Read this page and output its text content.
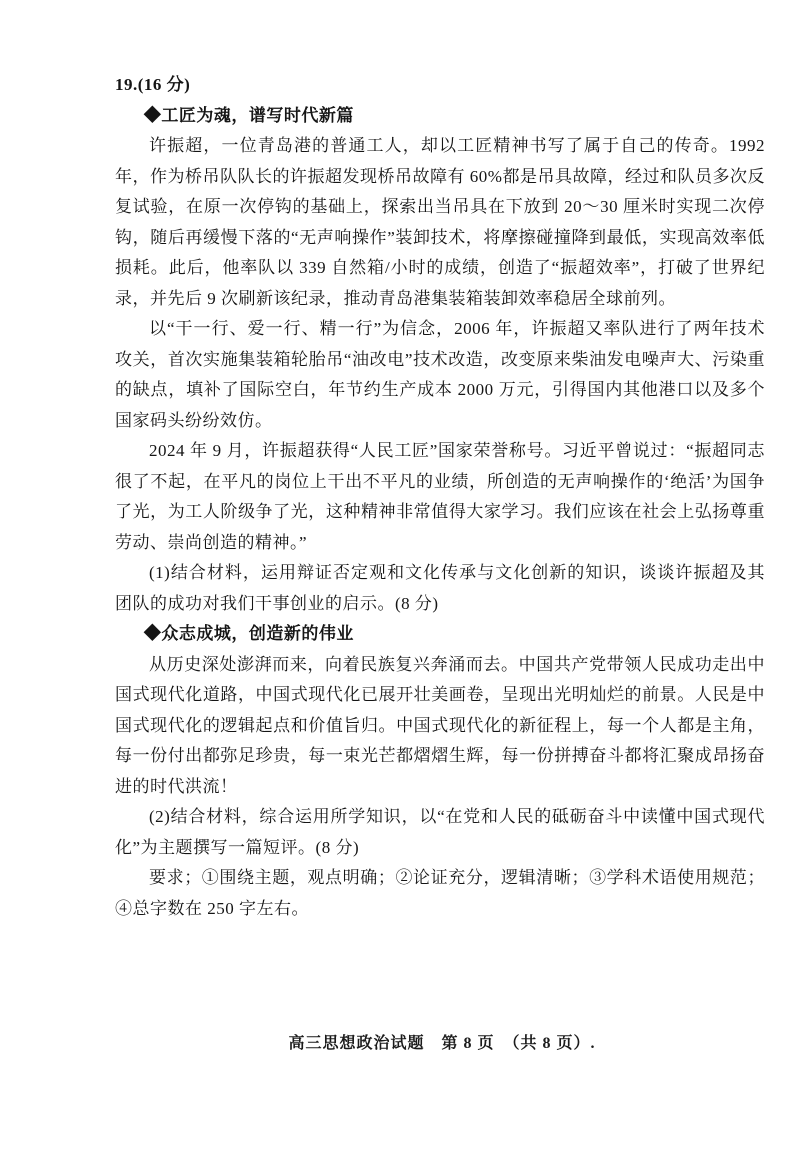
19.(16 分)

◆工匠为魂，谱写时代新篇

许振超，一位青岛港的普通工人，却以工匠精神书写了属于自己的传奇。1992 年，作为桥吊队队长的许振超发现桥吊故障有 60%都是吊具故障，经过和队员多次反复试验，在原一次停钩的基础上，探索出当吊具在下放到 20～30 厘米时实现二次停钩，随后再缓慢下落的“无声响操作”装卸技术，将摩擦碰撞降到最低，实现高效率低损耗。此后，他率队以 339 自然箱/小时的成绩，创造了“振超效率”，打破了世界纪录，并先后 9 次刷新该纪录，推动青岛港集装箱装卸效率稳居全球前列。

以“干一行、爱一行、精一行”为信念，2006 年，许振超又率队进行了两年技术攻关，首次实施集装箱轮胎吊“油改电”技术改造，改变原来柴油发电噪声大、污染重的缺点，填补了国际空白，年节约生产成本 2000 万元，引得国内其他港口以及多个国家码头纷纷效仿。

2024 年 9 月，许振超获得“人民工匠”国家荣誉称号。习近平曾说过：“振超同志很了不起，在平凡的岗位上干出不平凡的业绩，所创造的无声响操作的‘绝活’为国争了光，为工人阶级争了光，这种精神非常值得大家学习。我们应该在社会上弘扬尊重劳动、崇尚创造的精神。”

(1)结合材料，运用辩证否定观和文化传承与文化创新的知识，谈谈许振超及其团队的成功对我们干事创业的启示。(8 分)

◆众志成城，创造新的伟业

从历史深处澎湃而来，向着民族复兴奔涌而去。中国共产党带领人民成功走出中国式现代化道路，中国式现代化已展开壮美画卷，呈现出光明灿烂的前景。人民是中国式现代化的逻辑起点和价值旨归。中国式现代化的新征程上，每一个人都是主角，每一份付出都弥足珍贵，每一束光芒都熠熠生辉，每一份拼搏奋斗都将汇聚成昂扬奋进的时代洪流！

(2)结合材料，综合运用所学知识，以“在党和人民的砥砺奋斗中读懂中国式现代化”为主题撰写一篇短评。(8 分)

要求；①围绕主题，观点明确；②论证充分，逻辑清晰；③学科术语使用规范；④总字数在 250 字左右。

高三思想政治试题　第 8 页　（共 8 页）.
